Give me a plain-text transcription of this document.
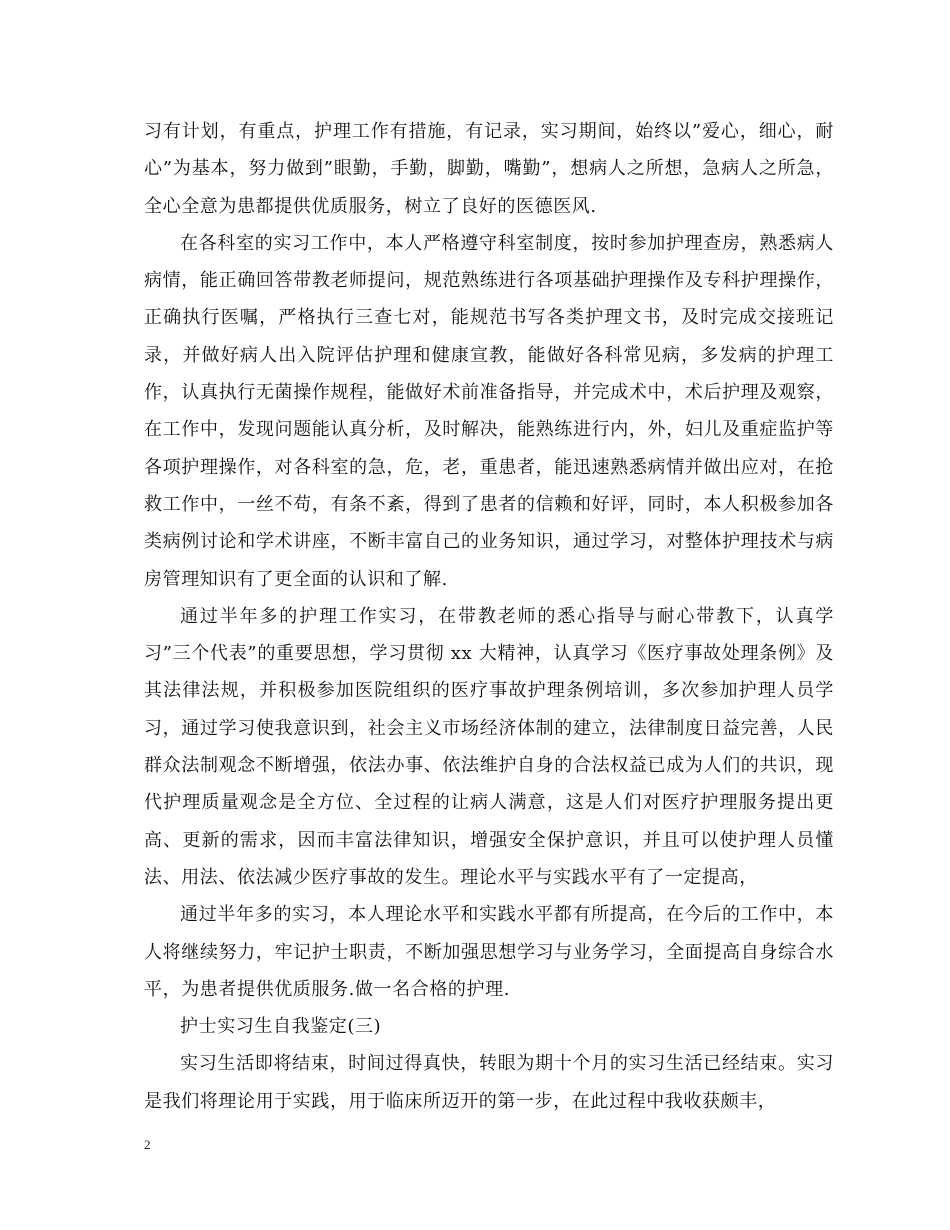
习有计划，有重点，护理工作有措施，有记录，实习期间，始终以”爱心，细心，耐心”为基本，努力做到”眼勤，手勤，脚勤，嘴勤”，想病人之所想，急病人之所急，全心全意为患都提供优质服务，树立了良好的医德医风.

在各科室的实习工作中，本人严格遵守科室制度，按时参加护理查房，熟悉病人病情，能正确回答带教老师提问，规范熟练进行各项基础护理操作及专科护理操作，正确执行医嘱，严格执行三查七对，能规范书写各类护理文书，及时完成交接班记录，并做好病人出入院评估护理和健康宣教，能做好各科常见病，多发病的护理工作，认真执行无菌操作规程，能做好术前准备指导，并完成术中，术后护理及观察，在工作中，发现问题能认真分析，及时解决，能熟练进行内，外，妇儿及重症监护等各项护理操作，对各科室的急，危，老，重患者，能迅速熟悉病情并做出应对，在抢救工作中，一丝不苟，有条不紊，得到了患者的信赖和好评，同时，本人积极参加各类病例讨论和学术讲座，不断丰富自己的业务知识，通过学习，对整体护理技术与病房管理知识有了更全面的认识和了解.

通过半年多的护理工作实习，在带教老师的悉心指导与耐心带教下，认真学习”三个代表”的重要思想，学习贯彻 xx 大精神，认真学习《医疗事故处理条例》及其法律法规，并积极参加医院组织的医疗事故护理条例培训，多次参加护理人员学习，通过学习使我意识到，社会主义市场经济体制的建立，法律制度日益完善，人民群众法制观念不断增强，依法办事、依法维护自身的合法权益已成为人们的共识，现代护理质量观念是全方位、全过程的让病人满意，这是人们对医疗护理服务提出更高、更新的需求，因而丰富法律知识，增强安全保护意识，并且可以使护理人员懂法、用法、依法减少医疗事故的发生。理论水平与实践水平有了一定提高，

通过半年多的实习，本人理论水平和实践水平都有所提高，在今后的工作中，本人将继续努力，牢记护士职责，不断加强思想学习与业务学习，全面提高自身综合水平，为患者提供优质服务.做一名合格的护理.

护士实习生自我鉴定(三)

实习生活即将结束，时间过得真快，转眼为期十个月的实习生活已经结束。实习是我们将理论用于实践，用于临床所迈开的第一步，在此过程中我收获颇丰，

2
